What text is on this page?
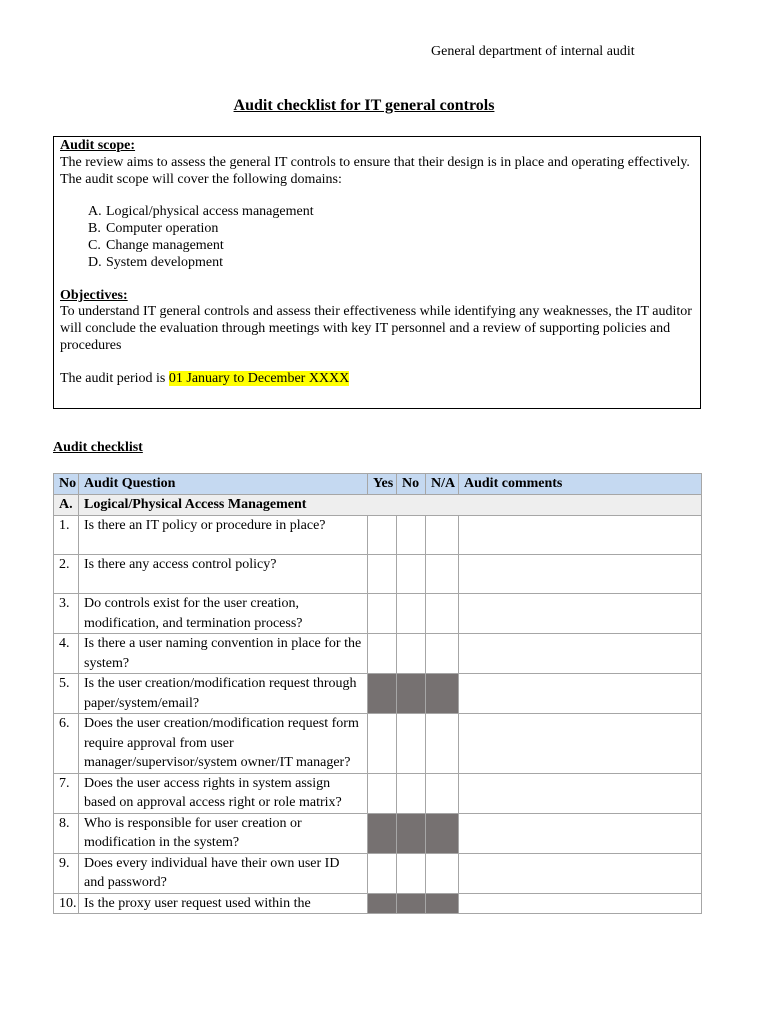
General department of internal audit
Audit checklist for IT general controls
Audit scope:

The review aims to assess the general IT controls to ensure that their design is in place and operating effectively. The audit scope will cover the following domains:

A. Logical/physical access management
B. Computer operation
C. Change management
D. System development
Objectives:

To understand IT general controls and assess their effectiveness while identifying any weaknesses, the IT auditor will conclude the evaluation through meetings with key IT personnel and a review of supporting policies and procedures

The audit period is 01 January to December XXXX

Audit checklist
No	Audit Question	Yes	No	N/A	Audit comments
A.	Logical/Physical Access Management				
1.	Is there an IT policy or procedure in place?				
2.	Is there any access control policy?				
3.	Do controls exist for the user creation, modification, and termination process?				
4.	Is there a user naming convention in place for the system?				
5.	Is the user creation/modification request through paper/system/email?				
6.	Does the user creation/modification request form require approval from user manager/supervisor/system owner/IT manager?				
7.	Does the user access rights in system assign based on approval access right or role matrix?				
8.	Who is responsible for user creation or modification in the system?				
9.	Does every individual have their own user ID and password?				
10.	Is the proxy user request used within the				
